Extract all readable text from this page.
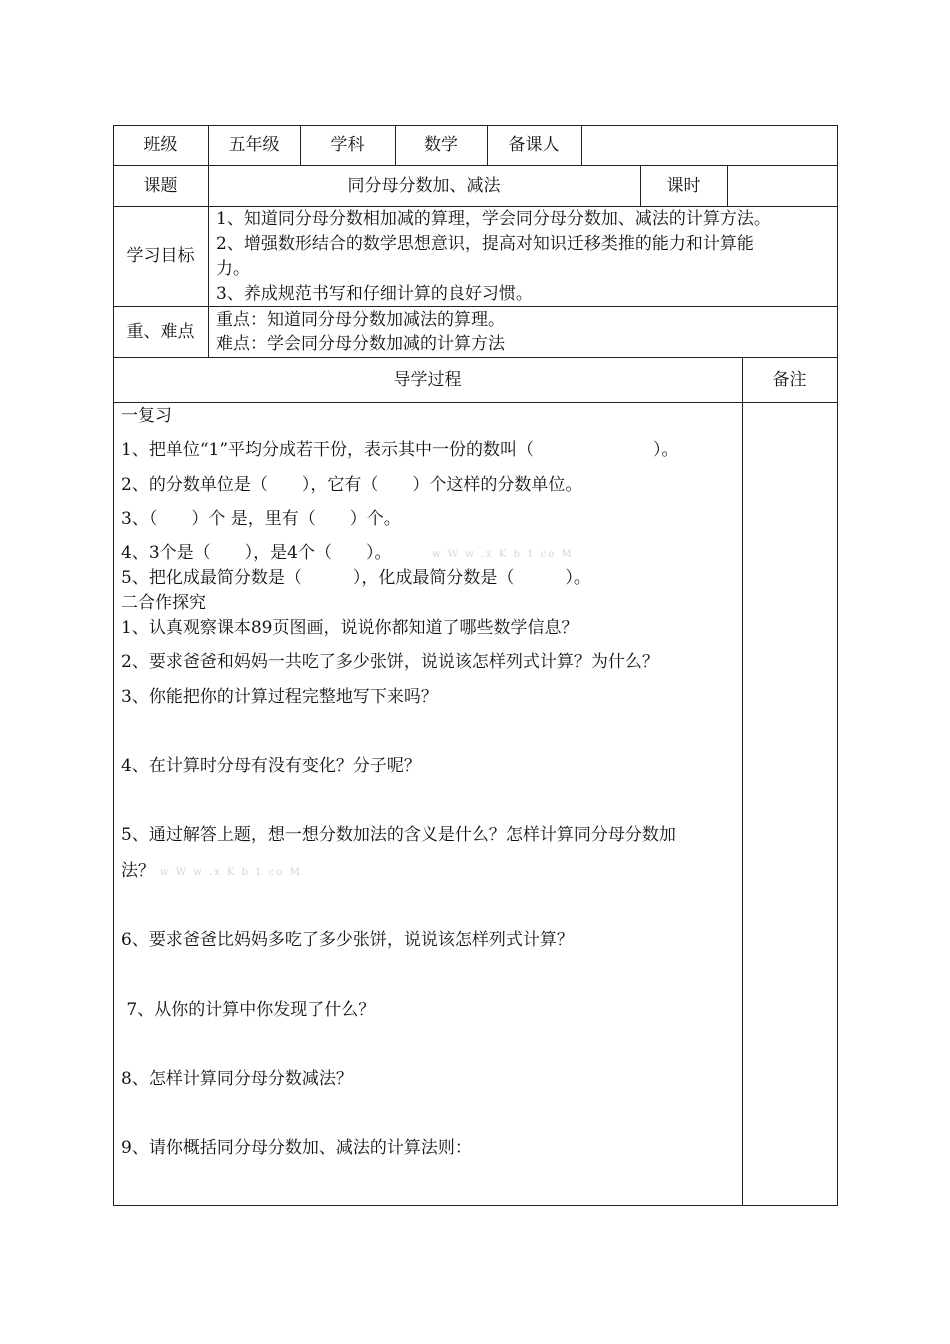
班级	五年级	学科	数学	备课人
课题	同分母分数加、减法	课时
学习目标
1、知道同分母分数相加减的算理，学会同分母分数加、减法的计算方法。
2、增强数形结合的数学思想意识，提高对知识迁移类推的能力和计算能
力。
3、养成规范书写和仔细计算的良好习惯。
重、难点
重点：知道同分母分数加减法的算理。
难点：学会同分母分数加减的计算方法
导学过程	备注
一复习
1、把单位“1”平均分成若干份，表示其中一份的数叫（　　　　　　　）。
2、的分数单位是（　　），它有（　　）个这样的分数单位。
3、（　　）个 是，里有（　　）个。
4、3个是（　　），是4个（　　）。	w W w .x K b 1 co M
5、把化成最简分数是（　　　），化成最简分数是（　　　）。
二合作探究
1、认真观察课本89页图画，说说你都知道了哪些数学信息？
2、要求爸爸和妈妈一共吃了多少张饼，说说该怎样列式计算？为什么？
3、你能把你的计算过程完整地写下来吗？
4、在计算时分母有没有变化？分子呢？
5、通过解答上题，想一想分数加法的含义是什么？怎样计算同分母分数加
法？ w W w .x K b 1 co M
6、要求爸爸比妈妈多吃了多少张饼，说说该怎样列式计算？
7、从你的计算中你发现了什么？
8、怎样计算同分母分数减法？
9、请你概括同分母分数加、减法的计算法则：
